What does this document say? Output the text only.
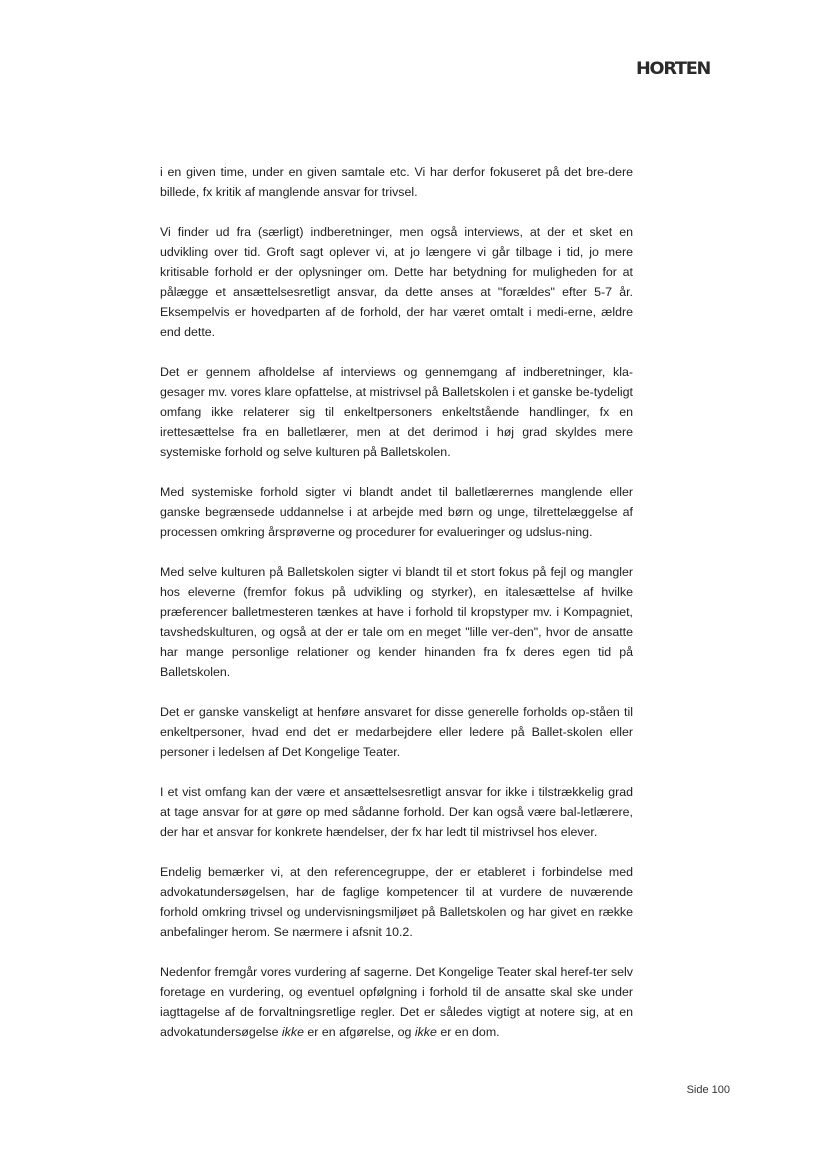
HORTEN

i en given time, under en given samtale etc. Vi har derfor fokuseret på det bre-dere billede, fx kritik af manglende ansvar for trivsel.

Vi finder ud fra (særligt) indberetninger, men også interviews, at der et sket en udvikling over tid. Groft sagt oplever vi, at jo længere vi går tilbage i tid, jo mere kritisable forhold er der oplysninger om. Dette har betydning for muligheden for at pålægge et ansættelsesretligt ansvar, da dette anses at "forældes" efter 5-7 år. Eksempelvis er hovedparten af de forhold, der har været omtalt i medi-erne, ældre end dette.

Det er gennem afholdelse af interviews og gennemgang af indberetninger, kla-gesager mv. vores klare opfattelse, at mistrivsel på Balletskolen i et ganske be-tydeligt omfang ikke relaterer sig til enkeltpersoners enkeltstående handlinger, fx en irettesættelse fra en balletlærer, men at det derimod i høj grad skyldes mere systemiske forhold og selve kulturen på Balletskolen.

Med systemiske forhold sigter vi blandt andet til balletlærernes manglende eller ganske begrænsede uddannelse i at arbejde med børn og unge, tilrettelæggelse af processen omkring årsprøverne og procedurer for evalueringer og udslus-ning.

Med selve kulturen på Balletskolen sigter vi blandt til et stort fokus på fejl og mangler hos eleverne (fremfor fokus på udvikling og styrker), en italesættelse af hvilke præferencer balletmesteren tænkes at have i forhold til kropstyper mv. i Kompagniet, tavshedskulturen, og også at der er tale om en meget "lille ver-den", hvor de ansatte har mange personlige relationer og kender hinanden fra fx deres egen tid på Balletskolen.

Det er ganske vanskeligt at henføre ansvaret for disse generelle forholds op-ståen til enkeltpersoner, hvad end det er medarbejdere eller ledere på Ballet-skolen eller personer i ledelsen af Det Kongelige Teater.

I et vist omfang kan der være et ansættelsesretligt ansvar for ikke i tilstrækkelig grad at tage ansvar for at gøre op med sådanne forhold. Der kan også være bal-letlærere, der har et ansvar for konkrete hændelser, der fx har ledt til mistrivsel hos elever.

Endelig bemærker vi, at den referencegruppe, der er etableret i forbindelse med advokatundersøgelsen, har de faglige kompetencer til at vurdere de nuværende forhold omkring trivsel og undervisningsmiljøet på Balletskolen og har givet en række anbefalinger herom. Se nærmere i afsnit 10.2.

Nedenfor fremgår vores vurdering af sagerne. Det Kongelige Teater skal heref-ter selv foretage en vurdering, og eventuel opfølgning i forhold til de ansatte skal ske under iagttagelse af de forvaltningsretlige regler. Det er således vigtigt at notere sig, at en advokatundersøgelse ikke er en afgørelse, og ikke er en dom.

Side 100
